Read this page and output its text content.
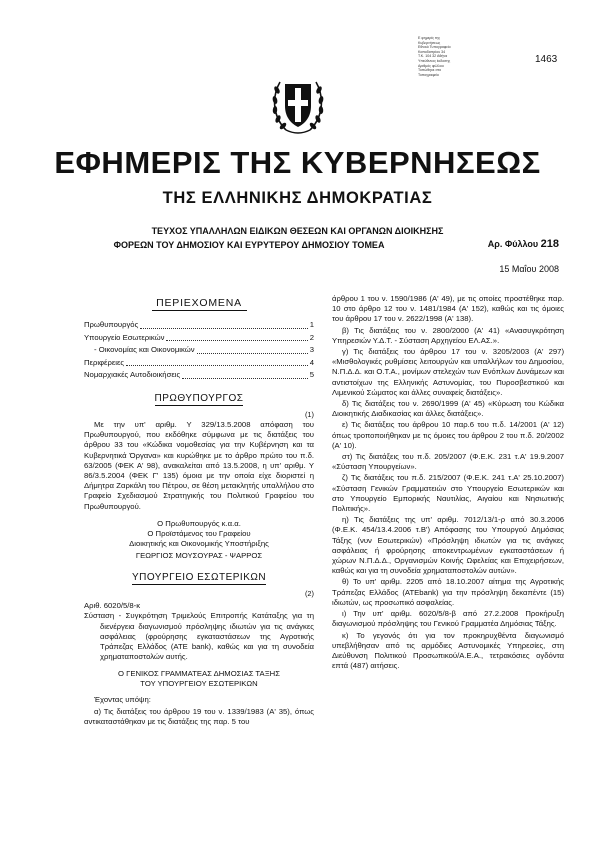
Ε φημερίς της
Κυβερνήσεως
Εθνικό Τυπογραφείο
Καποδιστρίου 34
Τ.Κ. 104 32 Αθήνα
Υπεύθυνος έκδοσης
Αριθμός φύλλου
Τυπώθηκε στο
Τυπογραφείο
1463
ΕΦΗΜΕΡΙΣ ΤΗΣ ΚΥΒΕΡΝΗΣΕΩΣ
ΤΗΣ ΕΛΛΗΝΙΚΗΣ ΔΗΜΟΚΡΑΤΙΑΣ
ΤΕΥΧΟΣ ΥΠΑΛΛΗΛΩΝ ΕΙΔΙΚΩΝ ΘΕΣΕΩΝ ΚΑΙ ΟΡΓΑΝΩΝ ΔΙΟΙΚΗΣΗΣ
ΦΟΡΕΩΝ ΤΟΥ ΔΗΜΟΣΙΟΥ ΚΑΙ ΕΥΡΥΤΕΡΟΥ ΔΗΜΟΣΙΟΥ ΤΟΜΕΑ	Αρ. Φύλλου 218
15 Μαΐου 2008
ΠΕΡΙΕΧΟΜΕΝΑ
Πρωθυπουργός	1
Υπουργείο Εσωτερικών	2
- Οικονομίας και Οικονομικών	3
Περιφέρειες	4
Νομαρχιακές Αυτοδιοικήσεις	5
ΠΡΩΘΥΠΟΥΡΓΟΣ
(1)
Με την υπ' αριθμ. Υ 329/13.5.2008 απόφαση του Πρωθυπουργού, που εκδόθηκε σύμφωνα με τις διατάξεις του άρθρου 33 του «Κώδικα νομοθεσίας για την Κυβέρνηση και τα Κυβερνητικά Όργανα» και κυρώθηκε με το άρθρο πρώτο του π.δ. 63/2005 (ΦΕΚ Α' 98), ανακαλείται από 13.5.2008, η υπ' αριθμ. Υ 86/3.5.2004 (ΦΕΚ Γ' 135) όμοια με την οποία είχε διοριστεί η Δήμητρα Ζαρκάλη του Πέτρου, σε θέση μετακλητής υπαλλήλου στο Γραφείο Σχεδιασμού Στρατηγικής του Πολιτικού Γραφείου του Πρωθυπουργού.
Ο Πρωθυπουργός κ.α.α.
Ο Προϊστάμενος του Γραφείου
Διοικητικής και Οικονομικής Υποστήριξης
ΓΕΩΡΓΙΟΣ ΜΟΥΣΟΥΡΑΣ - ΨΑΡΡΟΣ
ΥΠΟΥΡΓΕΙΟ ΕΣΩΤΕΡΙΚΩΝ
(2)
Αριθ. 6020/5/8-κ
Σύσταση - Συγκρότηση Τριμελούς Επιτροπής Κατάταξης για τη διενέργεια διαγωνισμού πρόσληψης ιδιωτών για τις ανάγκες ασφάλειας (φρούρησης εγκαταστάσεων της Αγροτικής Τράπεζας Ελλάδος (ΑΤΕ bank), καθώς και για τη συνοδεία χρηματαποστολών αυτής.
Ο ΓΕΝΙΚΟΣ ΓΡΑΜΜΑΤΕΑΣ ΔΗΜΟΣΙΑΣ ΤΑΞΗΣ
ΤΟΥ ΥΠΟΥΡΓΕΙΟΥ ΕΣΩΤΕΡΙΚΩΝ
Έχοντας υπόψη:
α) Τις διατάξεις του άρθρου 19 του ν. 1339/1983 (Α' 35), όπως αντικαταστάθηκαν με τις διατάξεις της παρ. 5 του
άρθρου 1 του ν. 1590/1986 (Α' 49), με τις οποίες προστέθηκε παρ. 10 στο άρθρο 12 του ν. 1481/1984 (Α' 152), καθώς και τις όμοιες του άρθρου 17 του ν. 2622/1998 (Α' 138).
β) Τις διατάξεις του ν. 2800/2000 (Α' 41) «Ανασυγκρότηση Υπηρεσιών Υ.Δ.Τ. - Σύσταση Αρχηγείου ΕΛ.ΑΣ.».
γ) Τις διατάξεις του άρθρου 17 του ν. 3205/2003 (Α' 297) «Μισθολογικές ρυθμίσεις λειτουργών και υπαλλήλων του Δημοσίου, Ν.Π.Δ.Δ. και Ο.Τ.Α., μονίμων στελεχών των Ενόπλων Δυνάμεων και αντιστοίχων της Ελληνικής Αστυνομίας, του Πυροσβεστικού και Λιμενικού Σώματος και άλλες συναφείς διατάξεις».
δ) Τις διατάξεις του ν. 2690/1999 (Α' 45) «Κύρωση του Κώδικα Διοικητικής Διαδικασίας και άλλες διατάξεις».
ε) Τις διατάξεις του άρθρου 10 παρ.6 του π.δ. 14/2001 (Α' 12) όπως τροποποιήθηκαν με τις όμοιες του άρθρου 2 του π.δ. 20/2002 (Α' 10).
στ) Τις διατάξεις του π.δ. 205/2007 (Φ.Ε.Κ. 231 τ.Α' 19.9.2007 «Σύσταση Υπουργείων».
ζ) Τις διατάξεις του π.δ. 215/2007 (Φ.Ε.Κ. 241 τ.Α' 25.10.2007) «Σύσταση Γενικών Γραμματειών στο Υπουργείο Εσωτερικών και στο Υπουργείο Εμπορικής Ναυτιλίας, Αιγαίου και Νησιωτικής Πολιτικής».
η) Τις διατάξεις της υπ' αριθμ. 7012/13/1-ρ από 30.3.2006 (Φ.Ε.Κ. 454/13.4.2006 τ.Β') Απόφασης του Υπουργού Δημόσιας Τάξης (νυν Εσωτερικών) «Πρόσληψη ιδιωτών για τις ανάγκες ασφάλειας ή φρούρησης αποκεντρωμένων εγκαταστάσεων ή χώρων Ν.Π.Δ.Δ., Οργανισμών Κοινής Ωφελείας και Επιχειρήσεων, καθώς και για τη συνοδεία χρηματαποστολών αυτών».
θ) Το υπ' αριθμ. 2205 από 18.10.2007 αίτημα της Αγροτικής Τράπεζας Ελλάδος (ΑΤΕbank) για την πρόσληψη δεκαπέντε (15) ιδιωτών, ως προσωπικό ασφαλείας.
ι) Την υπ' αριθμ. 6020/5/8-β από 27.2.2008 Προκήρυξη διαγωνισμού πρόσληψης του Γενικού Γραμματέα Δημόσιας Τάξης.
κ) Το γεγονός ότι για τον προκηρυχθέντα διαγωνισμό υπεβλήθησαν από τις αρμόδιες Αστυνομικές Υπηρεσίες, στη Διεύθυνση Πολιτικού Προσωπικού/Α.Ε.Α., τετρακόσιες ογδόντα επτά (487) αιτήσεις.
